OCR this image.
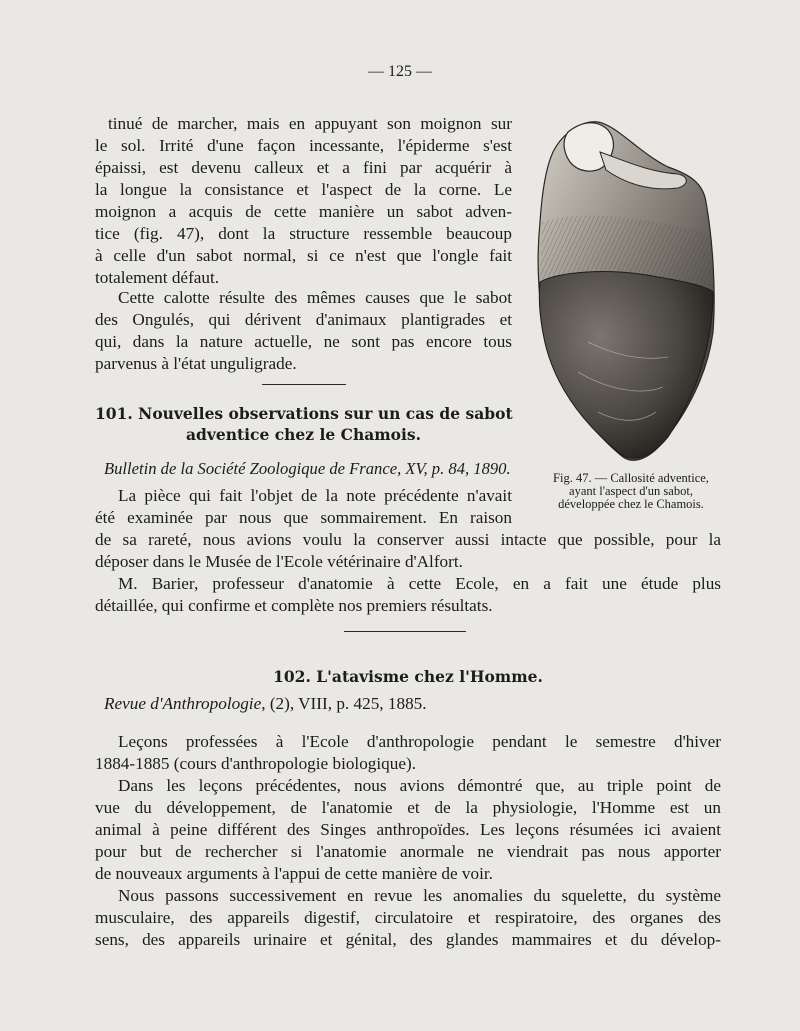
— 125 —
tinué de marcher, mais en appuyant son moignon sur
le sol. Irrité d'une façon incessante, l'épiderme s'est
épaissi, est devenu calleux et a fini par acquérir à
la longue la consistance et l'aspect de la corne. Le
moignon a acquis de cette manière un sabot adven-
tice (fig. 47), dont la structure ressemble beaucoup
à celle d'un sabot normal, si ce n'est que l'ongle fait
totalement défaut.
Cette calotte résulte des mêmes causes que le sabot
des Ongulés, qui dérivent d'animaux plantigrades et
qui, dans la nature actuelle, ne sont pas encore tous
parvenus à l'état unguligrade.
101. Nouvelles observations sur un cas de sabot
adventice chez le Chamois.
Bulletin de la Société Zoologique de France, XV, p. 84, 1890.
La pièce qui fait l'objet de la note précédente n'avait
été examinée par nous que sommairement. En raison
de sa rareté, nous avions voulu la conserver aussi intacte que possible, pour la
déposer dans le Musée de l'Ecole vétérinaire d'Alfort.
M. Barier, professeur d'anatomie à cette Ecole, en a fait une étude plus
détaillée, qui confirme et complète nos premiers résultats.
Fig. 47. — Callosité adventice,
ayant l'aspect d'un sabot,
développée chez le Chamois.
102. L'atavisme chez l'Homme.
Revue d'Anthropologie, (2), VIII, p. 425, 1885.
Leçons professées à l'Ecole d'anthropologie pendant le semestre d'hiver
1884-1885 (cours d'anthropologie biologique).
Dans les leçons précédentes, nous avions démontré que, au triple point de
vue du développement, de l'anatomie et de la physiologie, l'Homme est un
animal à peine différent des Singes anthropoïdes. Les leçons résumées ici avaient
pour but de rechercher si l'anatomie anormale ne viendrait pas nous apporter
de nouveaux arguments à l'appui de cette manière de voir.
Nous passons successivement en revue les anomalies du squelette, du système
musculaire, des appareils digestif, circulatoire et respiratoire, des organes des
sens, des appareils urinaire et génital, des glandes mammaires et du dévelop-
